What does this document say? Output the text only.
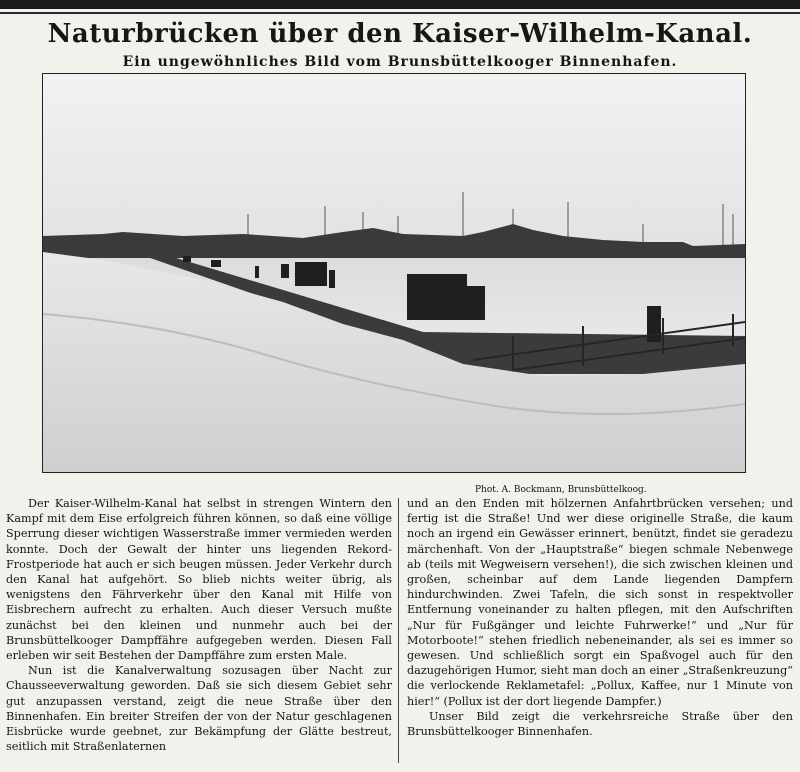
Naturbrücken über den Kaiser-Wilhelm-Kanal.
Ein ungewöhnliches Bild vom Brunsbüttelkooger Binnenhafen.
Phot. A. Bockmann, Brunsbüttelkoog.

Der Kaiser-Wilhelm-Kanal hat selbst in strengen Wintern den Kampf mit dem Eise erfolgreich führen können, so daß eine völlige Sperrung dieser wichtigen Wasserstraße immer vermieden werden konnte. Doch der Gewalt der hinter uns liegenden Rekord-Frostperiode hat auch er sich beugen müssen. Jeder Verkehr durch den Kanal hat aufgehört. So blieb nichts weiter übrig, als wenigstens den Fährverkehr über den Kanal mit Hilfe von Eisbrechern aufrecht zu erhalten. Auch dieser Versuch mußte zunächst bei den kleinen und nunmehr auch bei der Brunsbüttelkooger Dampffähre aufgegeben werden. Diesen Fall erleben wir seit Bestehen der Dampffähre zum ersten Male.

Nun ist die Kanalverwaltung sozusagen über Nacht zur Chausseeverwaltung geworden. Daß sie sich diesem Gebiet sehr gut anzupassen verstand, zeigt die neue Straße über den Binnenhafen. Ein breiter Streifen der von der Natur geschlagenen Eisbrücke wurde geebnet, zur Bekämpfung der Glätte bestreut, seitlich mit Straßenlaternen

und an den Enden mit hölzernen Anfahrtbrücken versehen; und fertig ist die Straße! Und wer diese originelle Straße, die kaum noch an irgend ein Gewässer erinnert, benützt, findet sie geradezu märchenhaft. Von der „Hauptstraße“ biegen schmale Nebenwege ab (teils mit Wegweisern versehen!), die sich zwischen kleinen und großen, scheinbar auf dem Lande liegenden Dampfern hindurchwinden. Zwei Tafeln, die sich sonst in respektvoller Entfernung voneinander zu halten pflegen, mit den Aufschriften „Nur für Fußgänger und leichte Fuhrwerke!“ und „Nur für Motorboote!“ stehen friedlich nebeneinander, als sei es immer so gewesen. Und schließlich sorgt ein Spaßvogel auch für den dazugehörigen Humor, sieht man doch an einer „Straßenkreuzung“ die verlockende Reklametafel: „Pollux, Kaffee, nur 1 Minute von hier!“ (Pollux ist der dort liegende Dampfer.)

Unser Bild zeigt die verkehrsreiche Straße über den Brunsbüttelkooger Binnenhafen.
